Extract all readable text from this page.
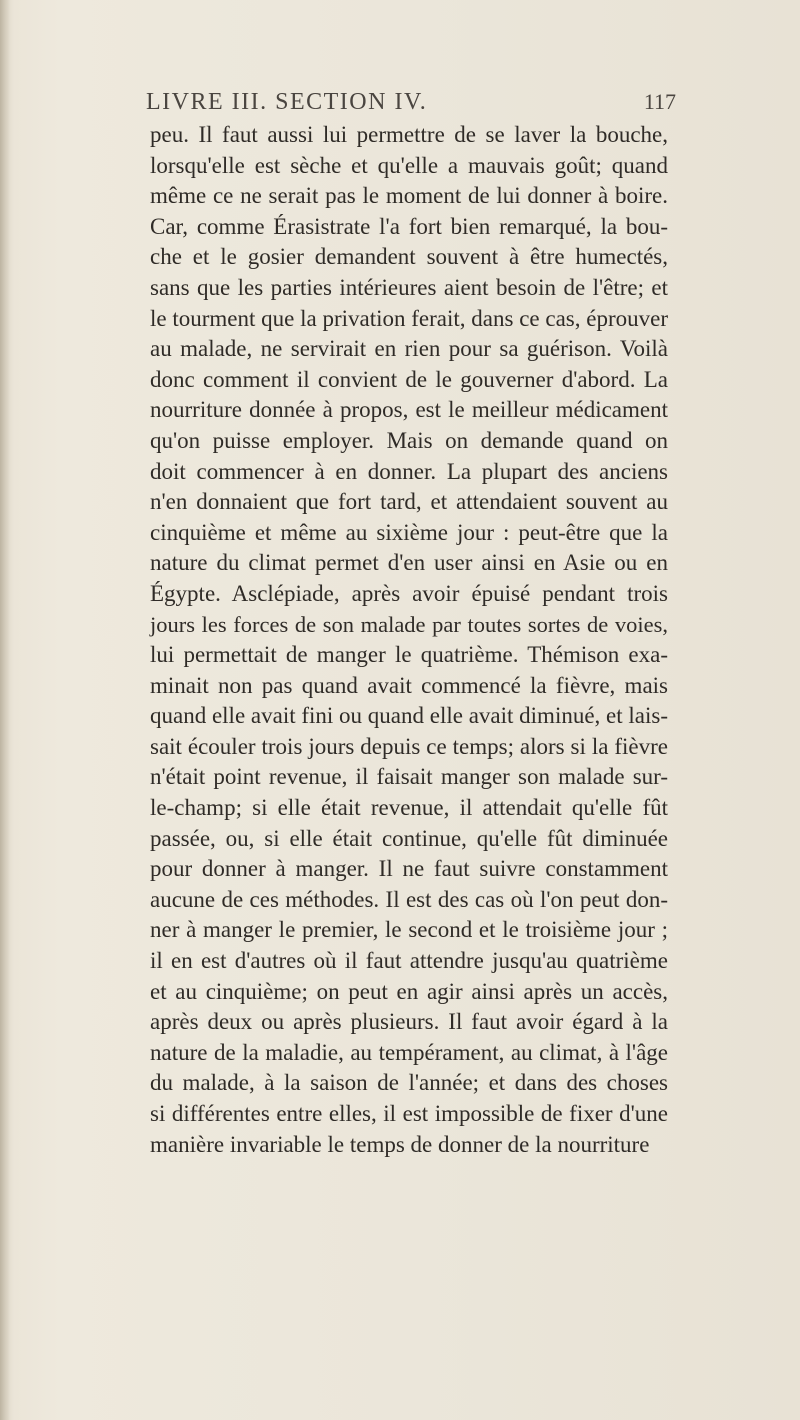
LIVRE III. SECTION IV.	117
peu. Il faut aussi lui permettre de se laver la bouche,
lorsqu'elle est sèche et qu'elle a mauvais goût; quand
même ce ne serait pas le moment de lui donner à boire.
Car, comme Érasistrate l'a fort bien remarqué, la bou-
che et le gosier demandent souvent à être humectés,
sans que les parties intérieures aient besoin de l'être; et
le tourment que la privation ferait, dans ce cas, éprouver
au malade, ne servirait en rien pour sa guérison. Voilà
donc comment il convient de le gouverner d'abord. La
nourriture donnée à propos, est le meilleur médicament
qu'on puisse employer. Mais on demande quand on
doit commencer à en donner. La plupart des anciens
n'en donnaient que fort tard, et attendaient souvent au
cinquième et même au sixième jour : peut-être que la
nature du climat permet d'en user ainsi en Asie ou en
Égypte. Asclépiade, après avoir épuisé pendant trois
jours les forces de son malade par toutes sortes de voies,
lui permettait de manger le quatrième. Thémison exa-
minait non pas quand avait commencé la fièvre, mais
quand elle avait fini ou quand elle avait diminué, et lais-
sait écouler trois jours depuis ce temps; alors si la fièvre
n'était point revenue, il faisait manger son malade sur-
le-champ; si elle était revenue, il attendait qu'elle fût
passée, ou, si elle était continue, qu'elle fût diminuée
pour donner à manger. Il ne faut suivre constamment
aucune de ces méthodes. Il est des cas où l'on peut don-
ner à manger le premier, le second et le troisième jour ;
il en est d'autres où il faut attendre jusqu'au quatrième
et au cinquième; on peut en agir ainsi après un accès,
après deux ou après plusieurs. Il faut avoir égard à la
nature de la maladie, au tempérament, au climat, à l'âge
du malade, à la saison de l'année; et dans des choses
si différentes entre elles, il est impossible de fixer d'une
manière invariable le temps de donner de la nourriture
